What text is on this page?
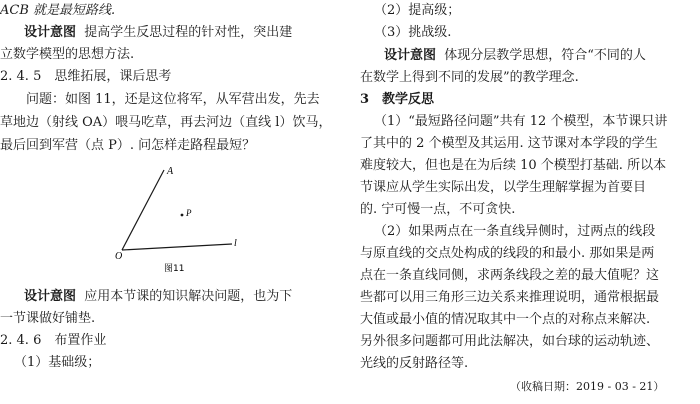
ACB 就是最短路线.
设计意图 提高学生反思过程的针对性，突出建
立数学模型的思想方法.
2. 4. 5　思维拓展，课后思考
问题：如图 11，还是这位将军，从军营出发，先去
草地边（射线 OA）喂马吃草，再去河边（直线 l）饮马，
最后回到军营（点 P）. 问怎样走路程最短？
A
P
O
l
图11
设计意图 应用本节课的知识解决问题，也为下
一节课做好铺垫.
2. 4. 6　布置作业
（1）基础级；
（2）提高级；
（3）挑战级.
设计意图 体现分层教学思想，符合“不同的人
在数学上得到不同的发展”的教学理念.
3　教学反思
（1）“最短路径问题”共有 12 个模型，本节课只讲
了其中的 2 个模型及其运用. 这节课对本学段的学生
难度较大，但也是在为后续 10 个模型打基础. 所以本
节课应从学生实际出发，以学生理解掌握为首要目
的. 宁可慢一点，不可贪快.
（2）如果两点在一条直线异侧时，过两点的线段
与原直线的交点处构成的线段的和最小. 那如果是两
点在一条直线同侧，求两条线段之差的最大值呢？这
些都可以用三角形三边关系来推理说明，通常根据最
大值或最小值的情况取其中一个点的对称点来解决.
另外很多问题都可用此法解决，如台球的运动轨迹、
光线的反射路径等.
（收稿日期：2019 - 03 - 21）
